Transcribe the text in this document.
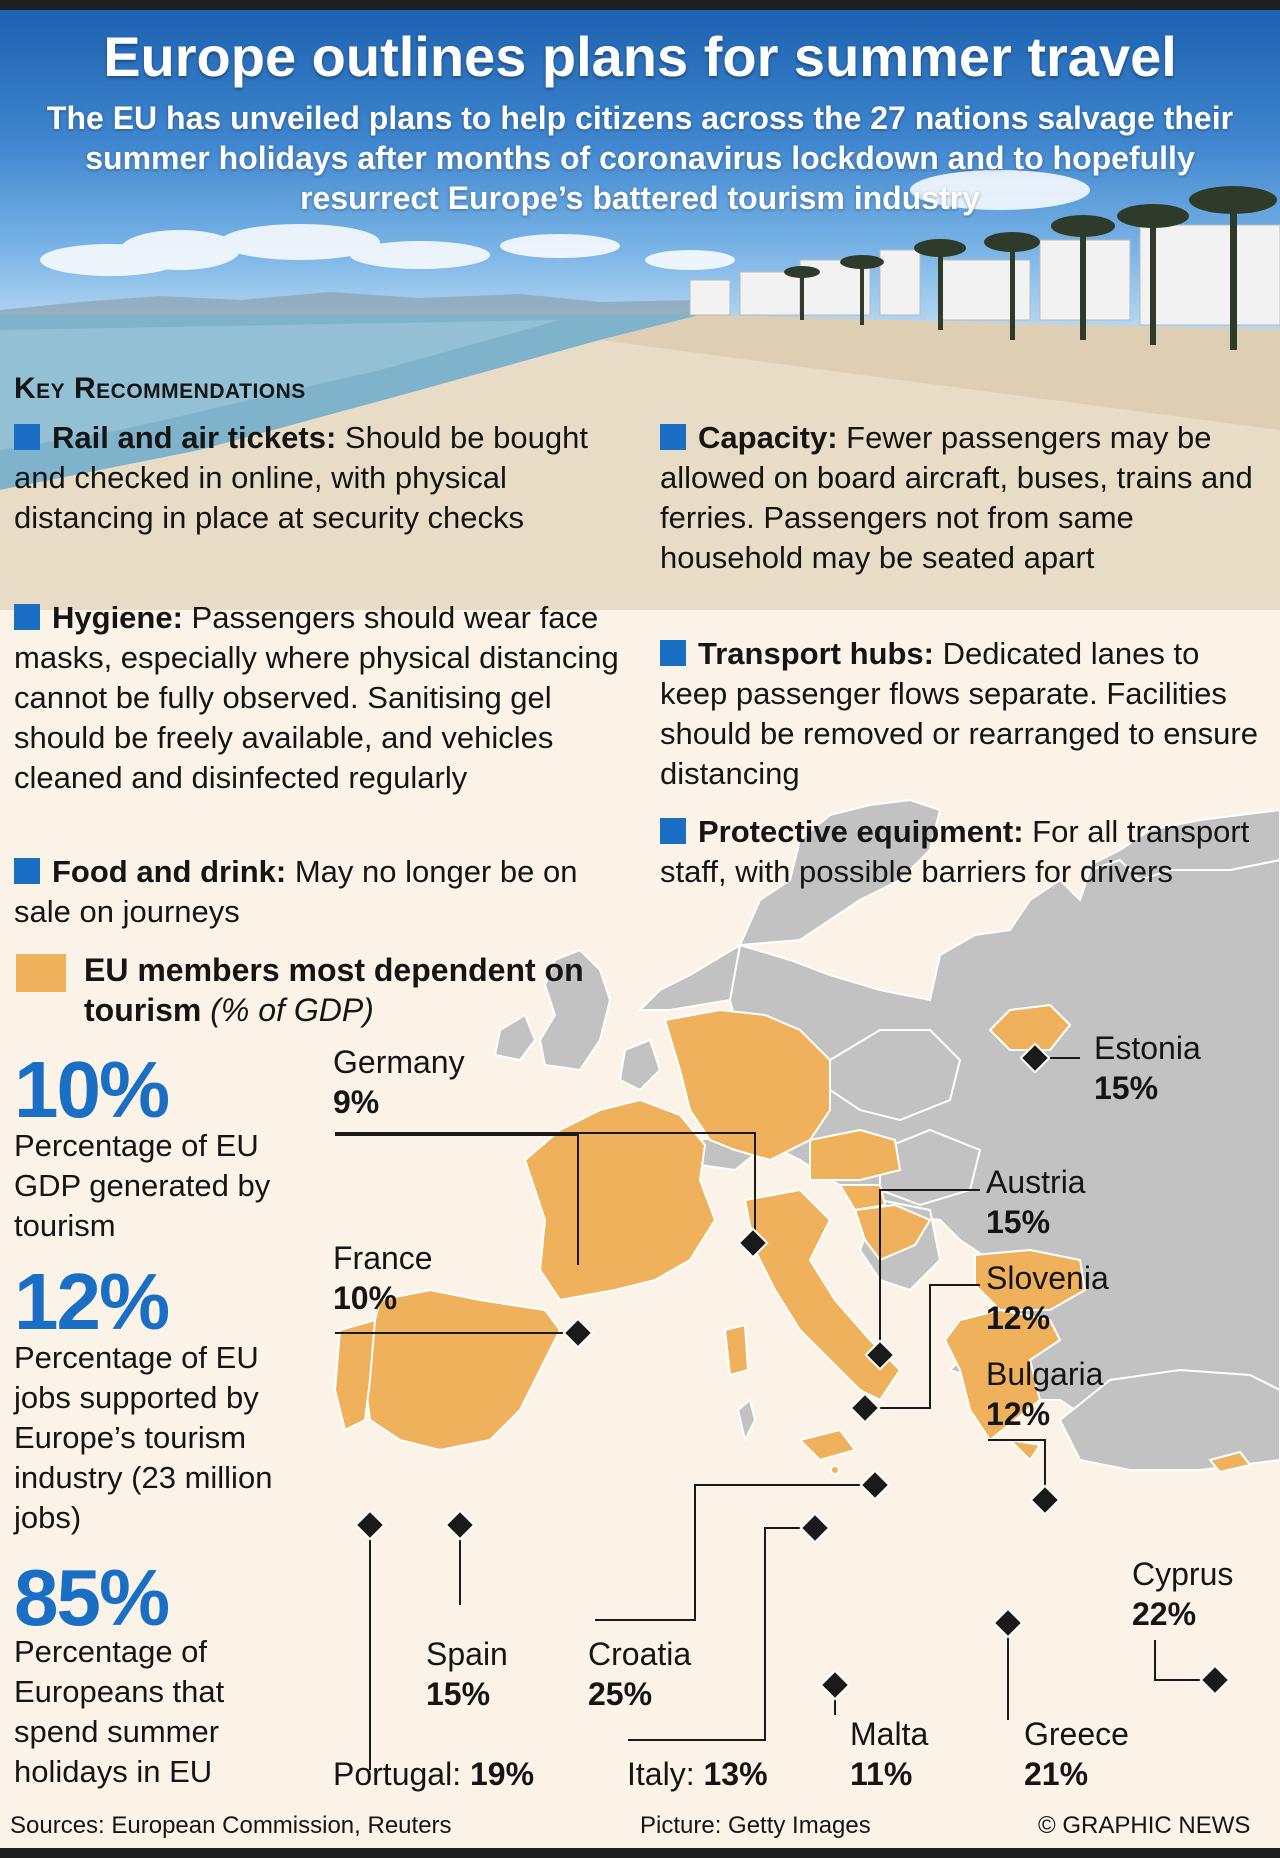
Europe outlines plans for summer travel
The EU has unveiled plans to help citizens across the 27 nations salvage their summer holidays after months of coronavirus lockdown and to hopefully resurrect Europe’s battered tourism industry
Key Recommendations
Rail and air tickets: Should be bought and checked in online, with physical distancing in place at security checks
Hygiene: Passengers should wear face masks, especially where physical distancing cannot be fully observed. Sanitising gel should be freely available, and vehicles cleaned and disinfected regularly
Food and drink: May no longer be on sale on journeys
Capacity: Fewer passengers may be allowed on board aircraft, buses, trains and ferries. Passengers not from same household may be seated apart
Transport hubs: Dedicated lanes to keep passenger flows separate. Facilities should be removed or rearranged to ensure distancing
Protective equipment: For all transport staff, with possible barriers for drivers
EU members most dependent on tourism (% of GDP)
10%
Percentage of EU GDP generated by tourism
12%
Percentage of EU jobs supported by Europe’s tourism industry (23 million jobs)
85%
Percentage of Europeans that spend summer holidays in EU
Germany
9%
France
10%
Estonia
15%
Austria
15%
Slovenia
12%
Bulgaria
12%
Cyprus
22%
Spain
15%
Croatia
25%
Portugal: 19%	Italy: 13%
Malta
11%
Greece
21%
Sources: European Commission, Reuters	Picture: Getty Images	© GRAPHIC NEWS
